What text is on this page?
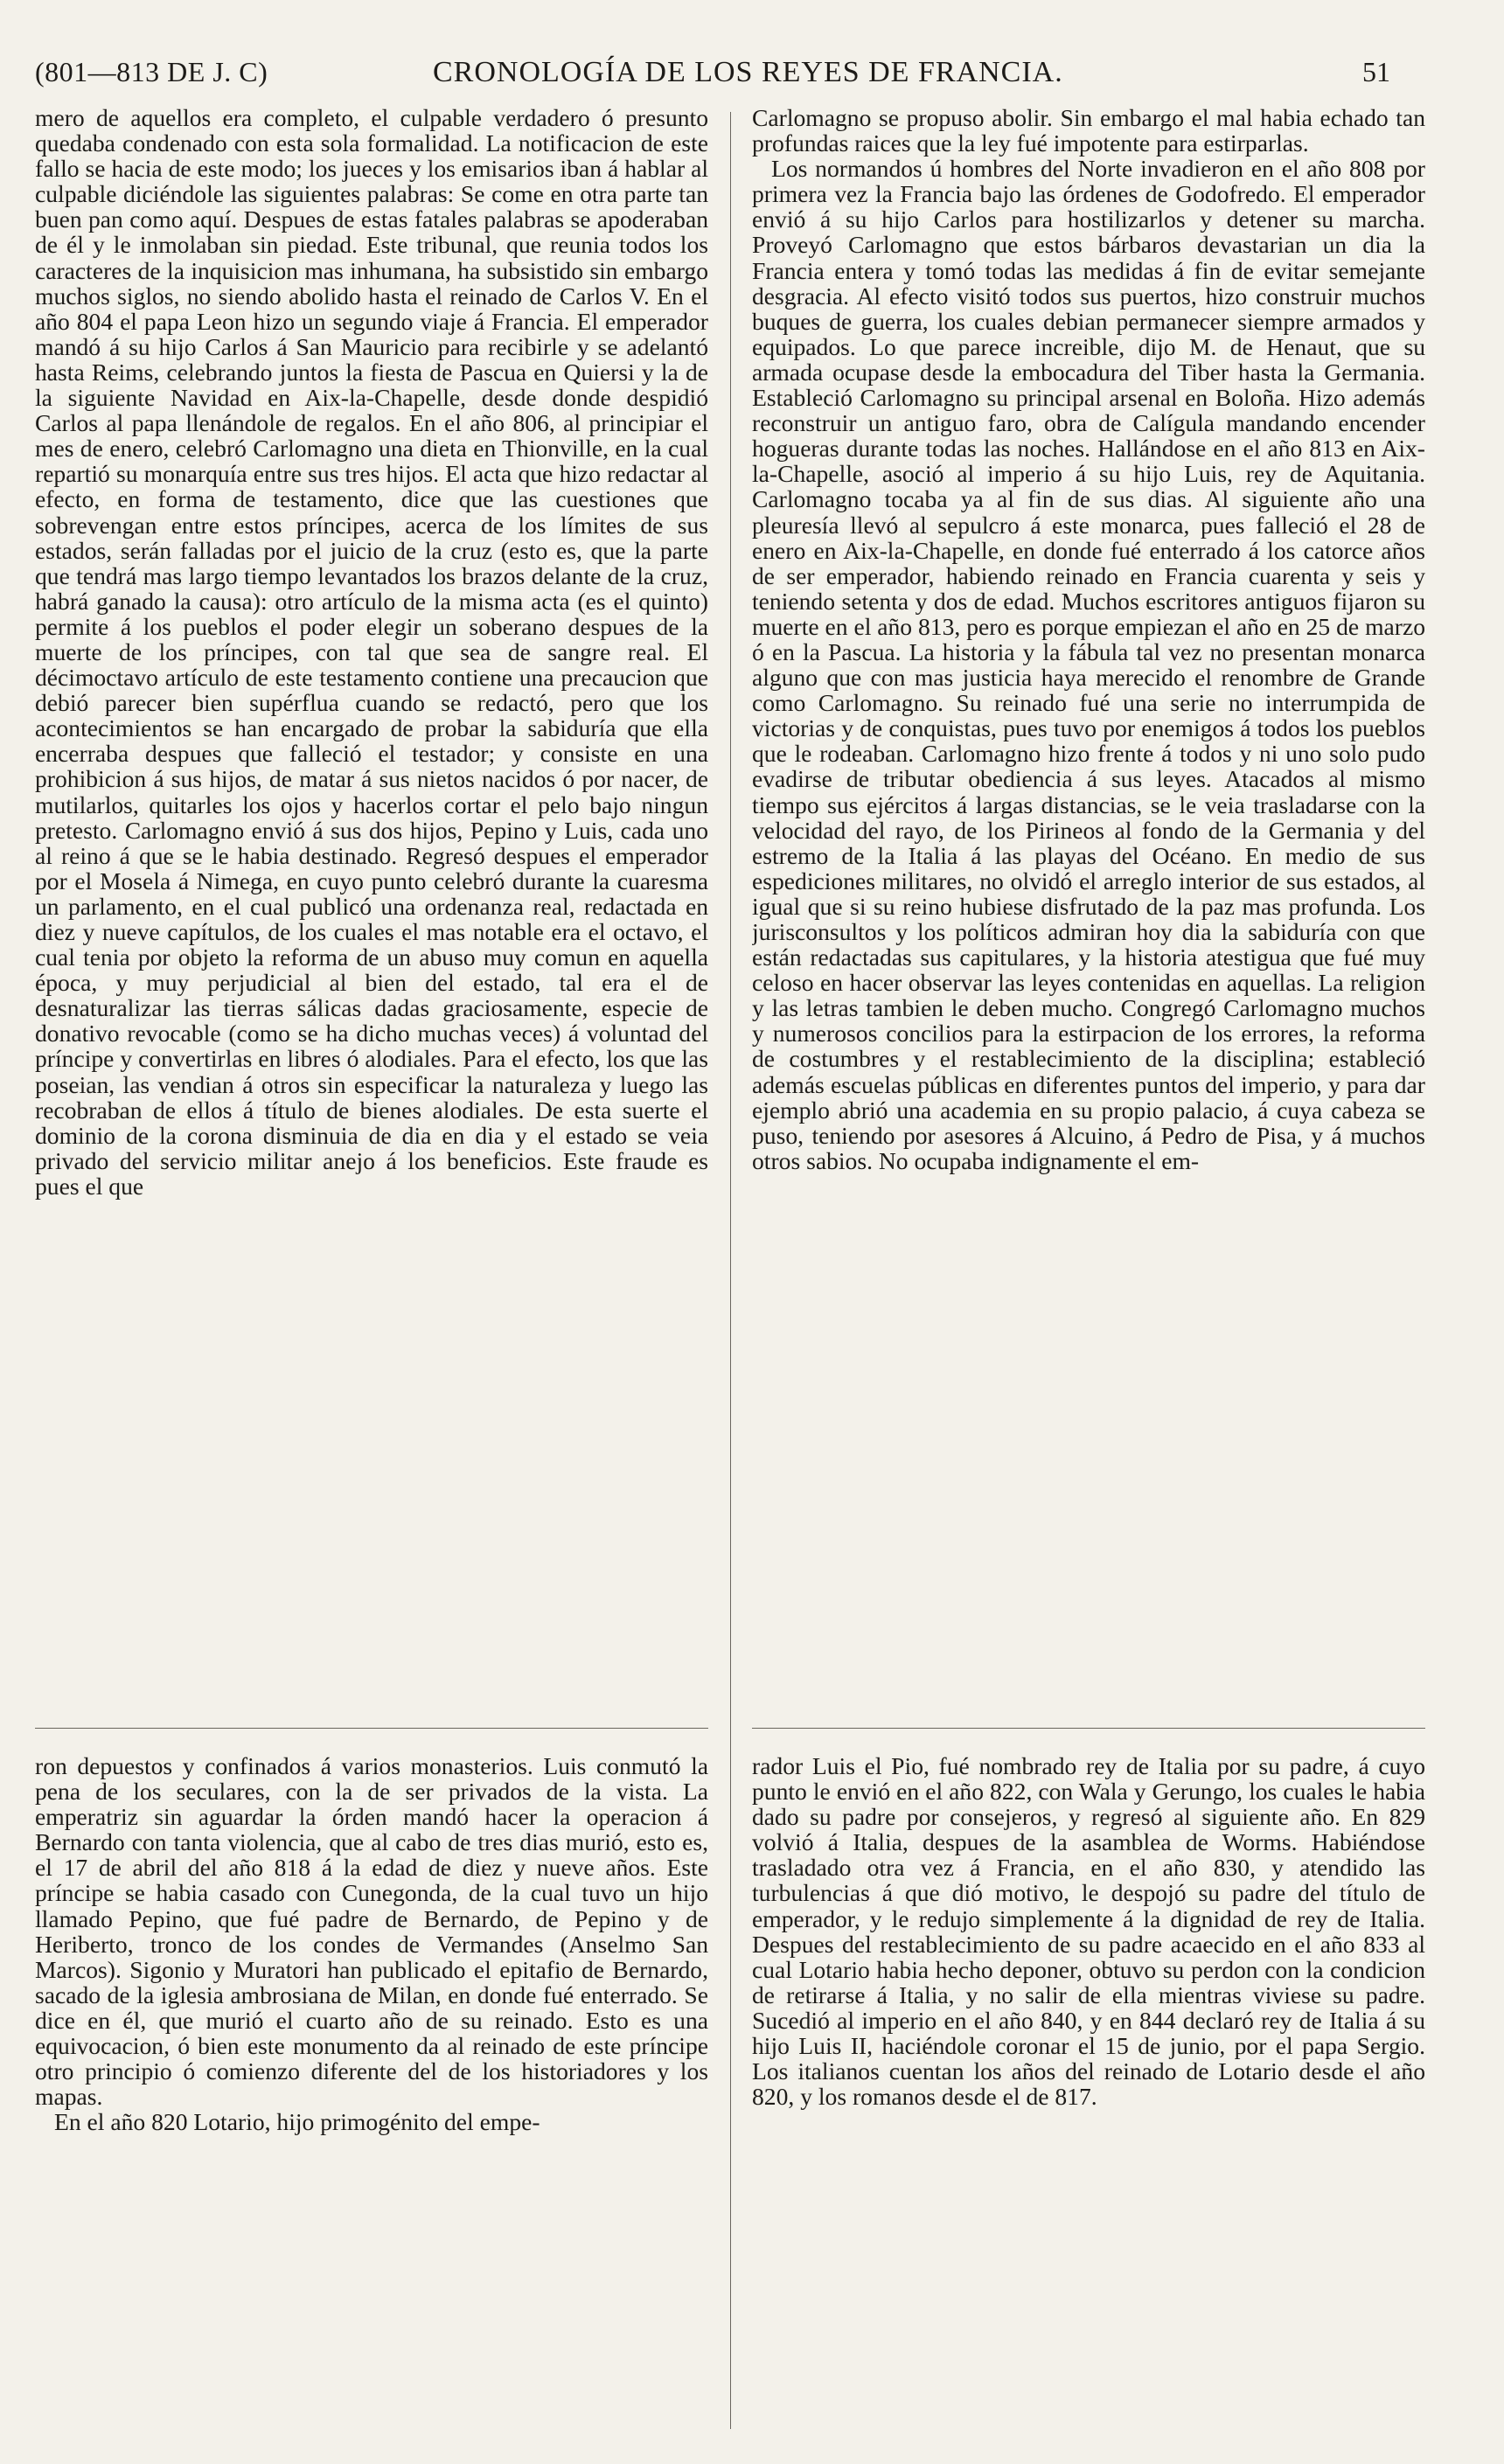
(801—813 DE J. C)	CRONOLOGÍA DE LOS REYES DE FRANCIA.	51

mero de aquellos era completo, el culpable verdadero ó presunto quedaba condenado con esta sola formalidad. La notificacion de este fallo se hacia de este modo; los jueces y los emisarios iban á hablar al culpable diciéndole las siguientes palabras: Se come en otra parte tan buen pan como aquí. Despues de estas fatales palabras se apoderaban de él y le inmolaban sin piedad. Este tribunal, que reunia todos los caracteres de la inquisicion mas inhumana, ha subsistido sin embargo muchos siglos, no siendo abolido hasta el reinado de Carlos V. En el año 804 el papa Leon hizo un segundo viaje á Francia. El emperador mandó á su hijo Carlos á San Mauricio para recibirle y se adelantó hasta Reims, celebrando juntos la fiesta de Pascua en Quiersi y la de la siguiente Navidad en Aix-la-Chapelle, desde donde despidió Carlos al papa llenándole de regalos. En el año 806, al principiar el mes de enero, celebró Carlomagno una dieta en Thionville, en la cual repartió su monarquía entre sus tres hijos. El acta que hizo redactar al efecto, en forma de testamento, dice que las cuestiones que sobrevengan entre estos príncipes, acerca de los límites de sus estados, serán falladas por el juicio de la cruz (esto es, que la parte que tendrá mas largo tiempo levantados los brazos delante de la cruz, habrá ganado la causa): otro artículo de la misma acta (es el quinto) permite á los pueblos el poder elegir un soberano despues de la muerte de los príncipes, con tal que sea de sangre real. El décimoctavo artículo de este testamento contiene una precaucion que debió parecer bien supérflua cuando se redactó, pero que los acontecimientos se han encargado de probar la sabiduría que ella encerraba despues que falleció el testador; y consiste en una prohibicion á sus hijos, de matar á sus nietos nacidos ó por nacer, de mutilarlos, quitarles los ojos y hacerlos cortar el pelo bajo ningun pretesto. Carlomagno envió á sus dos hijos, Pepino y Luis, cada uno al reino á que se le habia destinado. Regresó despues el emperador por el Mosela á Nimega, en cuyo punto celebró durante la cuaresma un parlamento, en el cual publicó una ordenanza real, redactada en diez y nueve capítulos, de los cuales el mas notable era el octavo, el cual tenia por objeto la reforma de un abuso muy comun en aquella época, y muy perjudicial al bien del estado, tal era el de desnaturalizar las tierras sálicas dadas graciosamente, especie de donativo revocable (como se ha dicho muchas veces) á voluntad del príncipe y convertirlas en libres ó alodiales. Para el efecto, los que las poseian, las vendian á otros sin especificar la naturaleza y luego las recobraban de ellos á título de bienes alodiales. De esta suerte el dominio de la corona disminuia de dia en dia y el estado se veia privado del servicio militar anejo á los beneficios. Este fraude es pues el que

Carlomagno se propuso abolir. Sin embargo el mal habia echado tan profundas raices que la ley fué impotente para estirparlas.

Los normandos ú hombres del Norte invadieron en el año 808 por primera vez la Francia bajo las órdenes de Godofredo. El emperador envió á su hijo Carlos para hostilizarlos y detener su marcha. Proveyó Carlomagno que estos bárbaros devastarian un dia la Francia entera y tomó todas las medidas á fin de evitar semejante desgracia. Al efecto visitó todos sus puertos, hizo construir muchos buques de guerra, los cuales debian permanecer siempre armados y equipados. Lo que parece increible, dijo M. de Henaut, que su armada ocupase desde la embocadura del Tiber hasta la Germania. Estableció Carlomagno su principal arsenal en Boloña. Hizo además reconstruir un antiguo faro, obra de Calígula mandando encender hogueras durante todas las noches. Hallándose en el año 813 en Aix-la-Chapelle, asoció al imperio á su hijo Luis, rey de Aquitania. Carlomagno tocaba ya al fin de sus dias. Al siguiente año una pleuresía llevó al sepulcro á este monarca, pues falleció el 28 de enero en Aix-la-Chapelle, en donde fué enterrado á los catorce años de ser emperador, habiendo reinado en Francia cuarenta y seis y teniendo setenta y dos de edad. Muchos escritores antiguos fijaron su muerte en el año 813, pero es porque empiezan el año en 25 de marzo ó en la Pascua. La historia y la fábula tal vez no presentan monarca alguno que con mas justicia haya merecido el renombre de Grande como Carlomagno. Su reinado fué una serie no interrumpida de victorias y de conquistas, pues tuvo por enemigos á todos los pueblos que le rodeaban. Carlomagno hizo frente á todos y ni uno solo pudo evadirse de tributar obediencia á sus leyes. Atacados al mismo tiempo sus ejércitos á largas distancias, se le veia trasladarse con la velocidad del rayo, de los Pirineos al fondo de la Germania y del estremo de la Italia á las playas del Océano. En medio de sus espediciones militares, no olvidó el arreglo interior de sus estados, al igual que si su reino hubiese disfrutado de la paz mas profunda. Los jurisconsultos y los políticos admiran hoy dia la sabiduría con que están redactadas sus capitulares, y la historia atestigua que fué muy celoso en hacer observar las leyes contenidas en aquellas. La religion y las letras tambien le deben mucho. Congregó Carlomagno muchos y numerosos concilios para la estirpacion de los errores, la reforma de costumbres y el restablecimiento de la disciplina; estableció además escuelas públicas en diferentes puntos del imperio, y para dar ejemplo abrió una academia en su propio palacio, á cuya cabeza se puso, teniendo por asesores á Alcuino, á Pedro de Pisa, y á muchos otros sabios. No ocupaba indignamente el em-

ron depuestos y confinados á varios monasterios. Luis conmutó la pena de los seculares, con la de ser privados de la vista. La emperatriz sin aguardar la órden mandó hacer la operacion á Bernardo con tanta violencia, que al cabo de tres dias murió, esto es, el 17 de abril del año 818 á la edad de diez y nueve años. Este príncipe se habia casado con Cunegonda, de la cual tuvo un hijo llamado Pepino, que fué padre de Bernardo, de Pepino y de Heriberto, tronco de los condes de Vermandes (Anselmo San Marcos). Sigonio y Muratori han publicado el epitafio de Bernardo, sacado de la iglesia ambrosiana de Milan, en donde fué enterrado. Se dice en él, que murió el cuarto año de su reinado. Esto es una equivocacion, ó bien este monumento da al reinado de este príncipe otro principio ó comienzo diferente del de los historiadores y los mapas.

En el año 820 Lotario, hijo primogénito del empe-

rador Luis el Pio, fué nombrado rey de Italia por su padre, á cuyo punto le envió en el año 822, con Wala y Gerungo, los cuales le habia dado su padre por consejeros, y regresó al siguiente año. En 829 volvió á Italia, despues de la asamblea de Worms. Habiéndose trasladado otra vez á Francia, en el año 830, y atendido las turbulencias á que dió motivo, le despojó su padre del título de emperador, y le redujo simplemente á la dignidad de rey de Italia. Despues del restablecimiento de su padre acaecido en el año 833 al cual Lotario habia hecho deponer, obtuvo su perdon con la condicion de retirarse á Italia, y no salir de ella mientras viviese su padre. Sucedió al imperio en el año 840, y en 844 declaró rey de Italia á su hijo Luis II, haciéndole coronar el 15 de junio, por el papa Sergio. Los italianos cuentan los años del reinado de Lotario desde el año 820, y los romanos desde el de 817.
